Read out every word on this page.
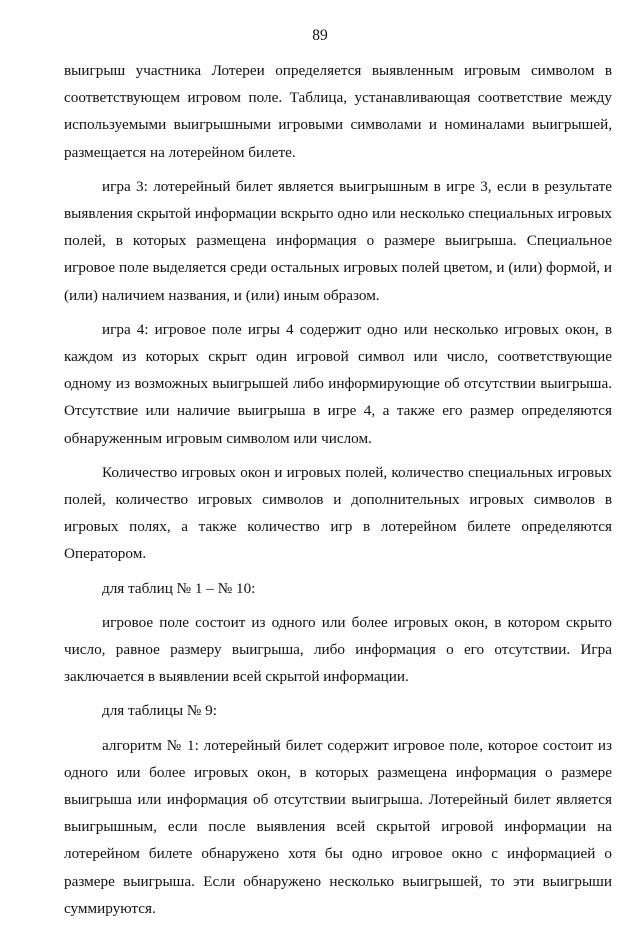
89

выигрыш участника Лотереи определяется выявленным игровым символом в соответствующем игровом поле. Таблица, устанавливающая соответствие между используемыми выигрышными игровыми символами и номиналами выигрышей, размещается на лотерейном билете.

игра 3: лотерейный билет является выигрышным в игре 3, если в результате выявления скрытой информации вскрыто одно или несколько специальных игровых полей, в которых размещена информация о размере выигрыша. Специальное игровое поле выделяется среди остальных игровых полей цветом, и (или) формой, и (или) наличием названия, и (или) иным образом.

игра 4: игровое поле игры 4 содержит одно или несколько игровых окон, в каждом из которых скрыт один игровой символ или число, соответствующие одному из возможных выигрышей либо информирующие об отсутствии выигрыша. Отсутствие или наличие выигрыша в игре 4, а также его размер определяются обнаруженным игровым символом или числом.

Количество игровых окон и игровых полей, количество специальных игровых полей, количество игровых символов и дополнительных игровых символов в игровых полях, а также количество игр в лотерейном билете определяются Оператором.

для таблиц № 1 – № 10:

игровое поле состоит из одного или более игровых окон, в котором скрыто число, равное размеру выигрыша, либо информация о его отсутствии. Игра заключается в выявлении всей скрытой информации.

для таблицы № 9:

алгоритм № 1: лотерейный билет содержит игровое поле, которое состоит из одного или более игровых окон, в которых размещена информация о размере выигрыша или информация об отсутствии выигрыша. Лотерейный билет является выигрышным, если после выявления всей скрытой игровой информации на лотерейном билете обнаружено хотя бы одно игровое окно с информацией о размере выигрыша. Если обнаружено несколько выигрышей, то эти выигрыши суммируются.
